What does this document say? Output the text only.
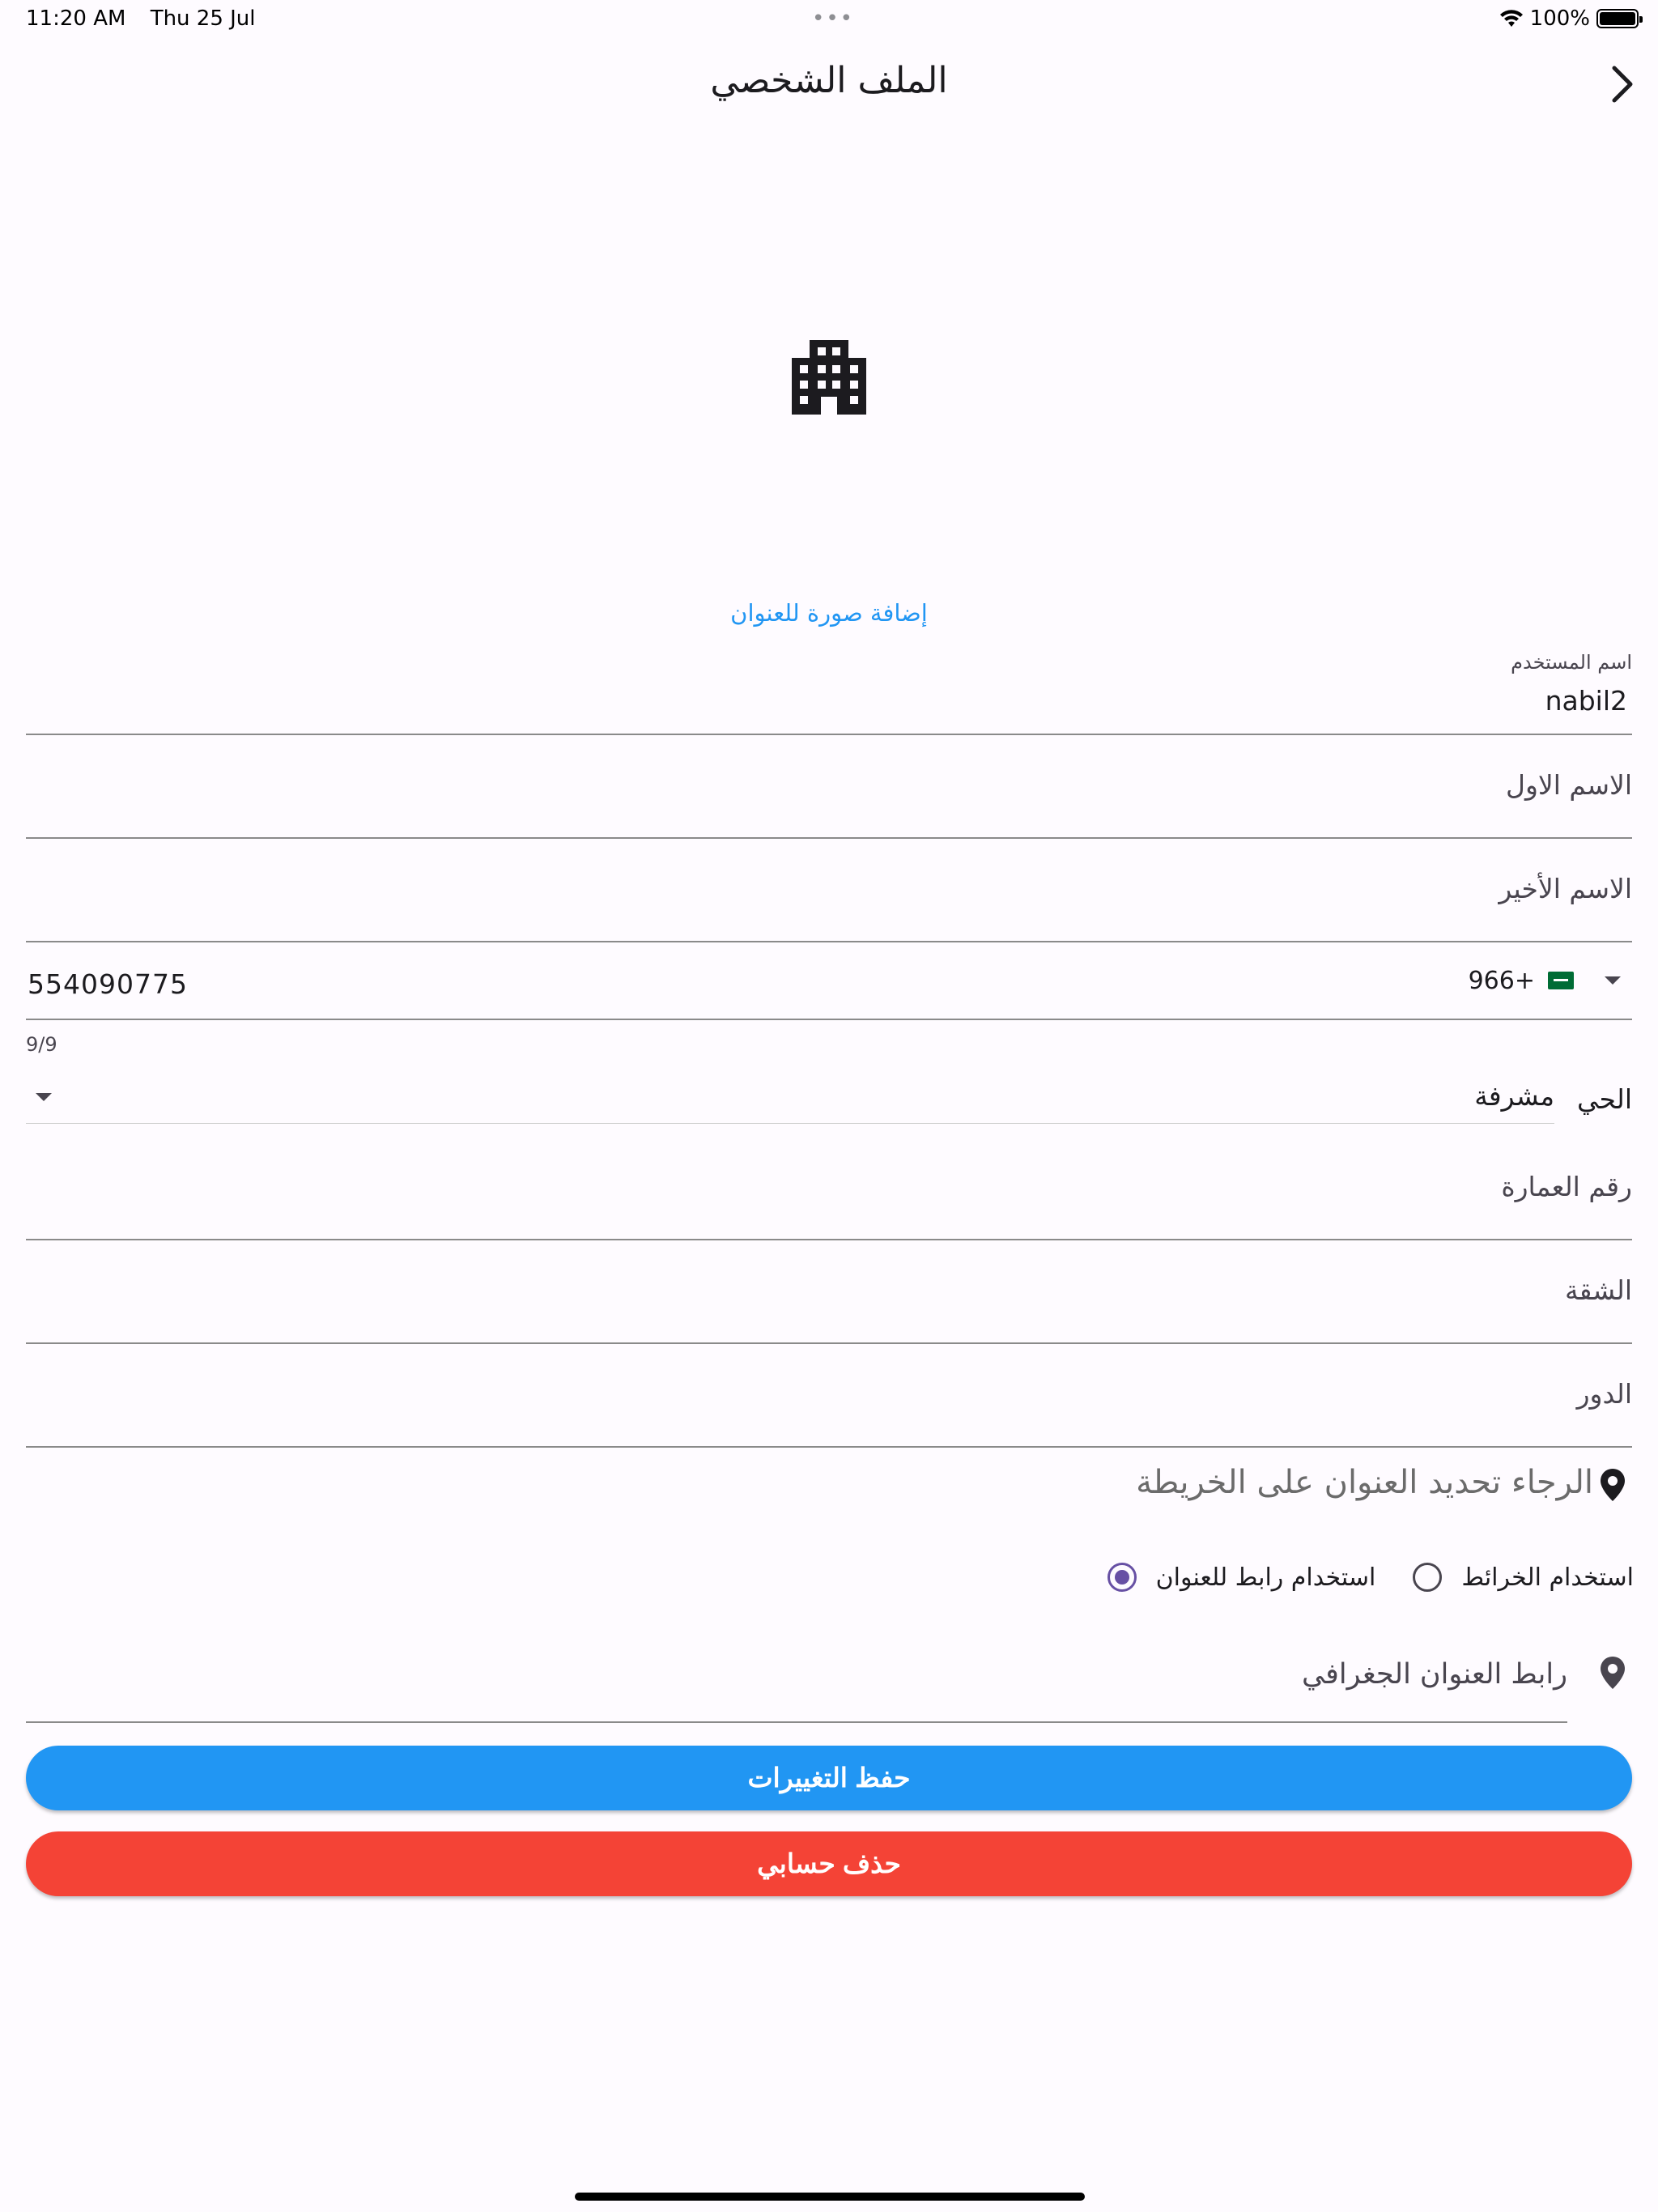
11:20 AM Thu 25 Jul	•••	100%
الملف الشخصي
إضافة صورة للعنوان
اسم المستخدم
nabil2
الاسم الاول
الاسم الأخير
554090775	966+
9/9
الحي
مشرفة
رقم العمارة
الشقة
الدور
الرجاء تحديد العنوان على الخريطة
استخدام رابط للعنوان	استخدام الخرائط
رابط العنوان الجغرافي
حفظ التغييرات
حذف حسابي
